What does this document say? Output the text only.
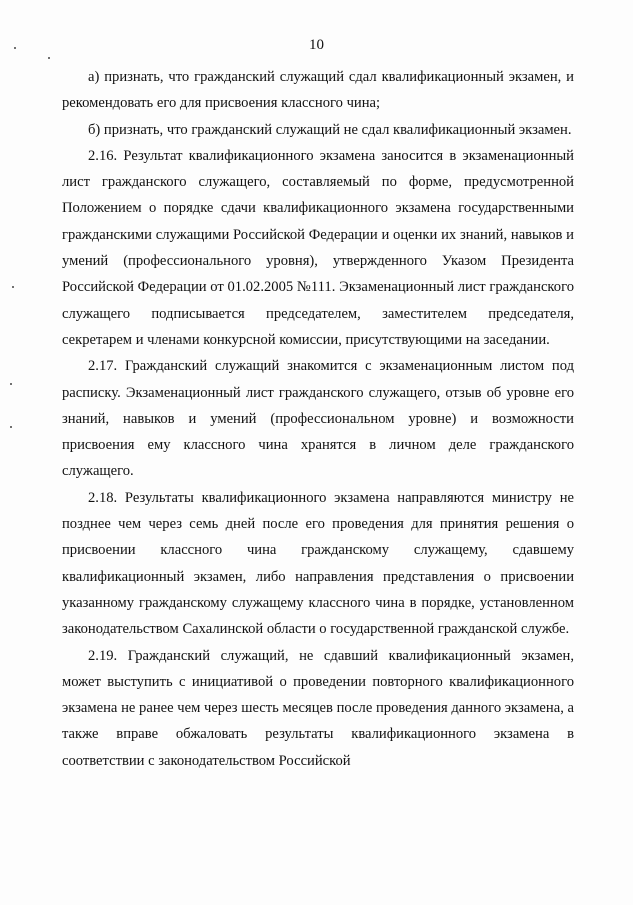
10

а) признать, что гражданский служащий сдал квалификационный экзамен, и рекомендовать его для присвоения классного чина;

б) признать, что гражданский служащий не сдал квалификационный экзамен.

2.16. Результат квалификационного экзамена заносится в экзаменационный лист гражданского служащего, составляемый по форме, предусмотренной Положением о порядке сдачи квалификационного экзамена государственными гражданскими служащими Российской Федерации и оценки их знаний, навыков и умений (профессионального уровня), утвержденного Указом Президента Российской Федерации от 01.02.2005 №111. Экзаменационный лист гражданского служащего подписывается председателем, заместителем председателя, секретарем и членами конкурсной комиссии, присутствующими на заседании.

2.17. Гражданский служащий знакомится с экзаменационным листом под расписку. Экзаменационный лист гражданского служащего, отзыв об уровне его знаний, навыков и умений (профессиональном уровне) и возможности присвоения ему классного чина хранятся в личном деле гражданского служащего.

2.18. Результаты квалификационного экзамена направляются министру не позднее чем через семь дней после его проведения для принятия решения о присвоении классного чина гражданскому служащему, сдавшему квалификационный экзамен, либо направления представления о присвоении указанному гражданскому служащему классного чина в порядке, установленном законодательством Сахалинской области о государственной гражданской службе.

2.19. Гражданский служащий, не сдавший квалификационный экзамен, может выступить с инициативой о проведении повторного квалификационного экзамена не ранее чем через шесть месяцев после проведения данного экзамена, а также вправе обжаловать результаты квалификационного экзамена в соответствии с законодательством Российской
